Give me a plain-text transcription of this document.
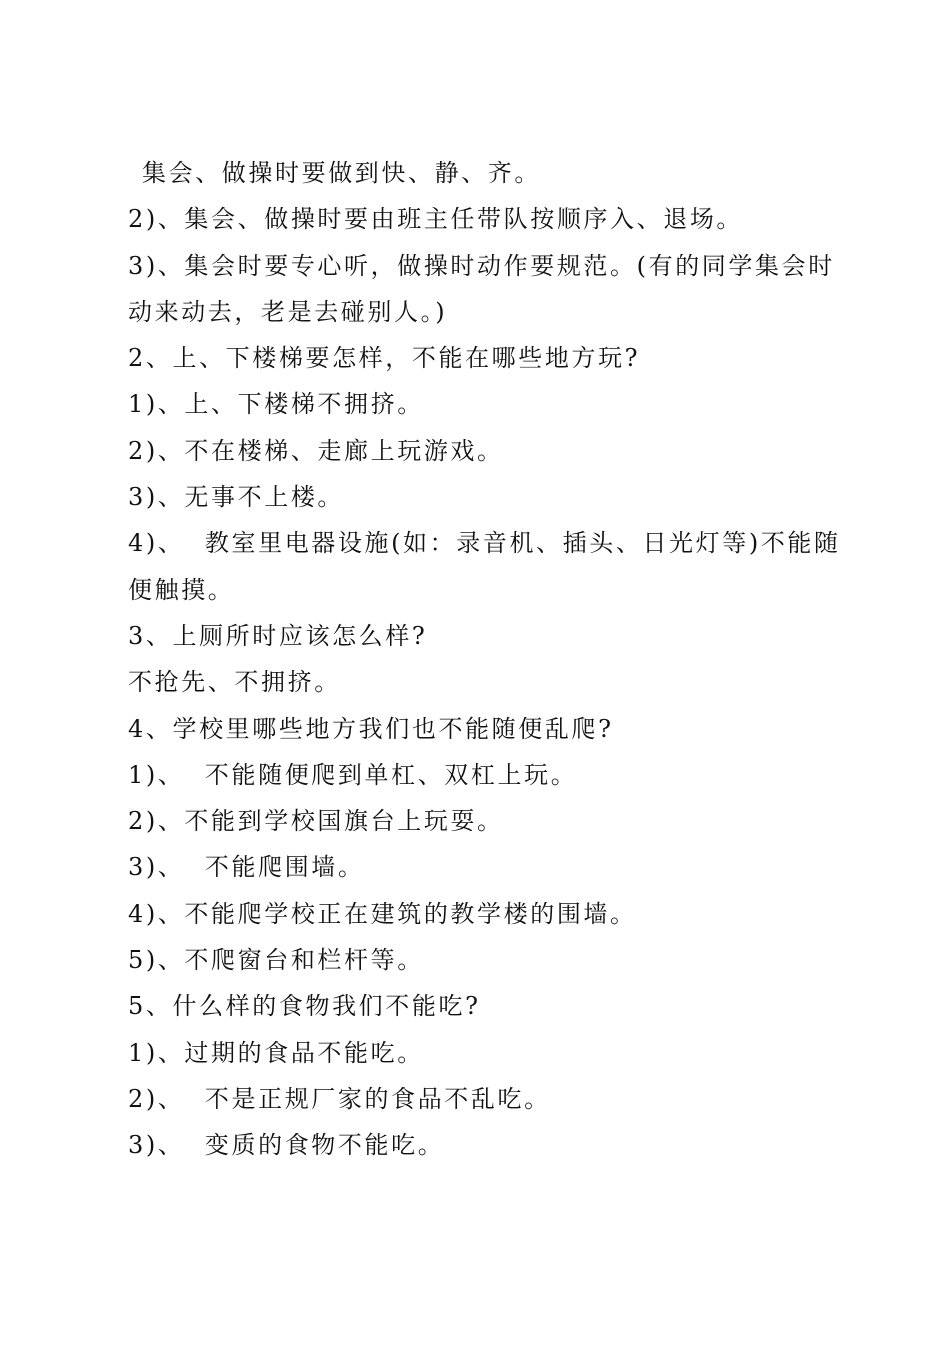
集会、做操时要做到快、静、齐。
2)、集会、做操时要由班主任带队按顺序入、退场。
3)、集会时要专心听，做操时动作要规范。(有的同学集会时
动来动去，老是去碰别人。)
2、上、下楼梯要怎样，不能在哪些地方玩?
1)、上、下楼梯不拥挤。
2)、不在楼梯、走廊上玩游戏。
3)、无事不上楼。
4)、  教室里电器设施(如：录音机、插头、日光灯等)不能随
便触摸。
3、上厕所时应该怎么样?
不抢先、不拥挤。
4、学校里哪些地方我们也不能随便乱爬?
1)、  不能随便爬到单杠、双杠上玩。
2)、不能到学校国旗台上玩耍。
3)、  不能爬围墙。
4)、不能爬学校正在建筑的教学楼的围墙。
5)、不爬窗台和栏杆等。
5、什么样的食物我们不能吃?
1)、过期的食品不能吃。
2)、  不是正规厂家的食品不乱吃。
3)、  变质的食物不能吃。
